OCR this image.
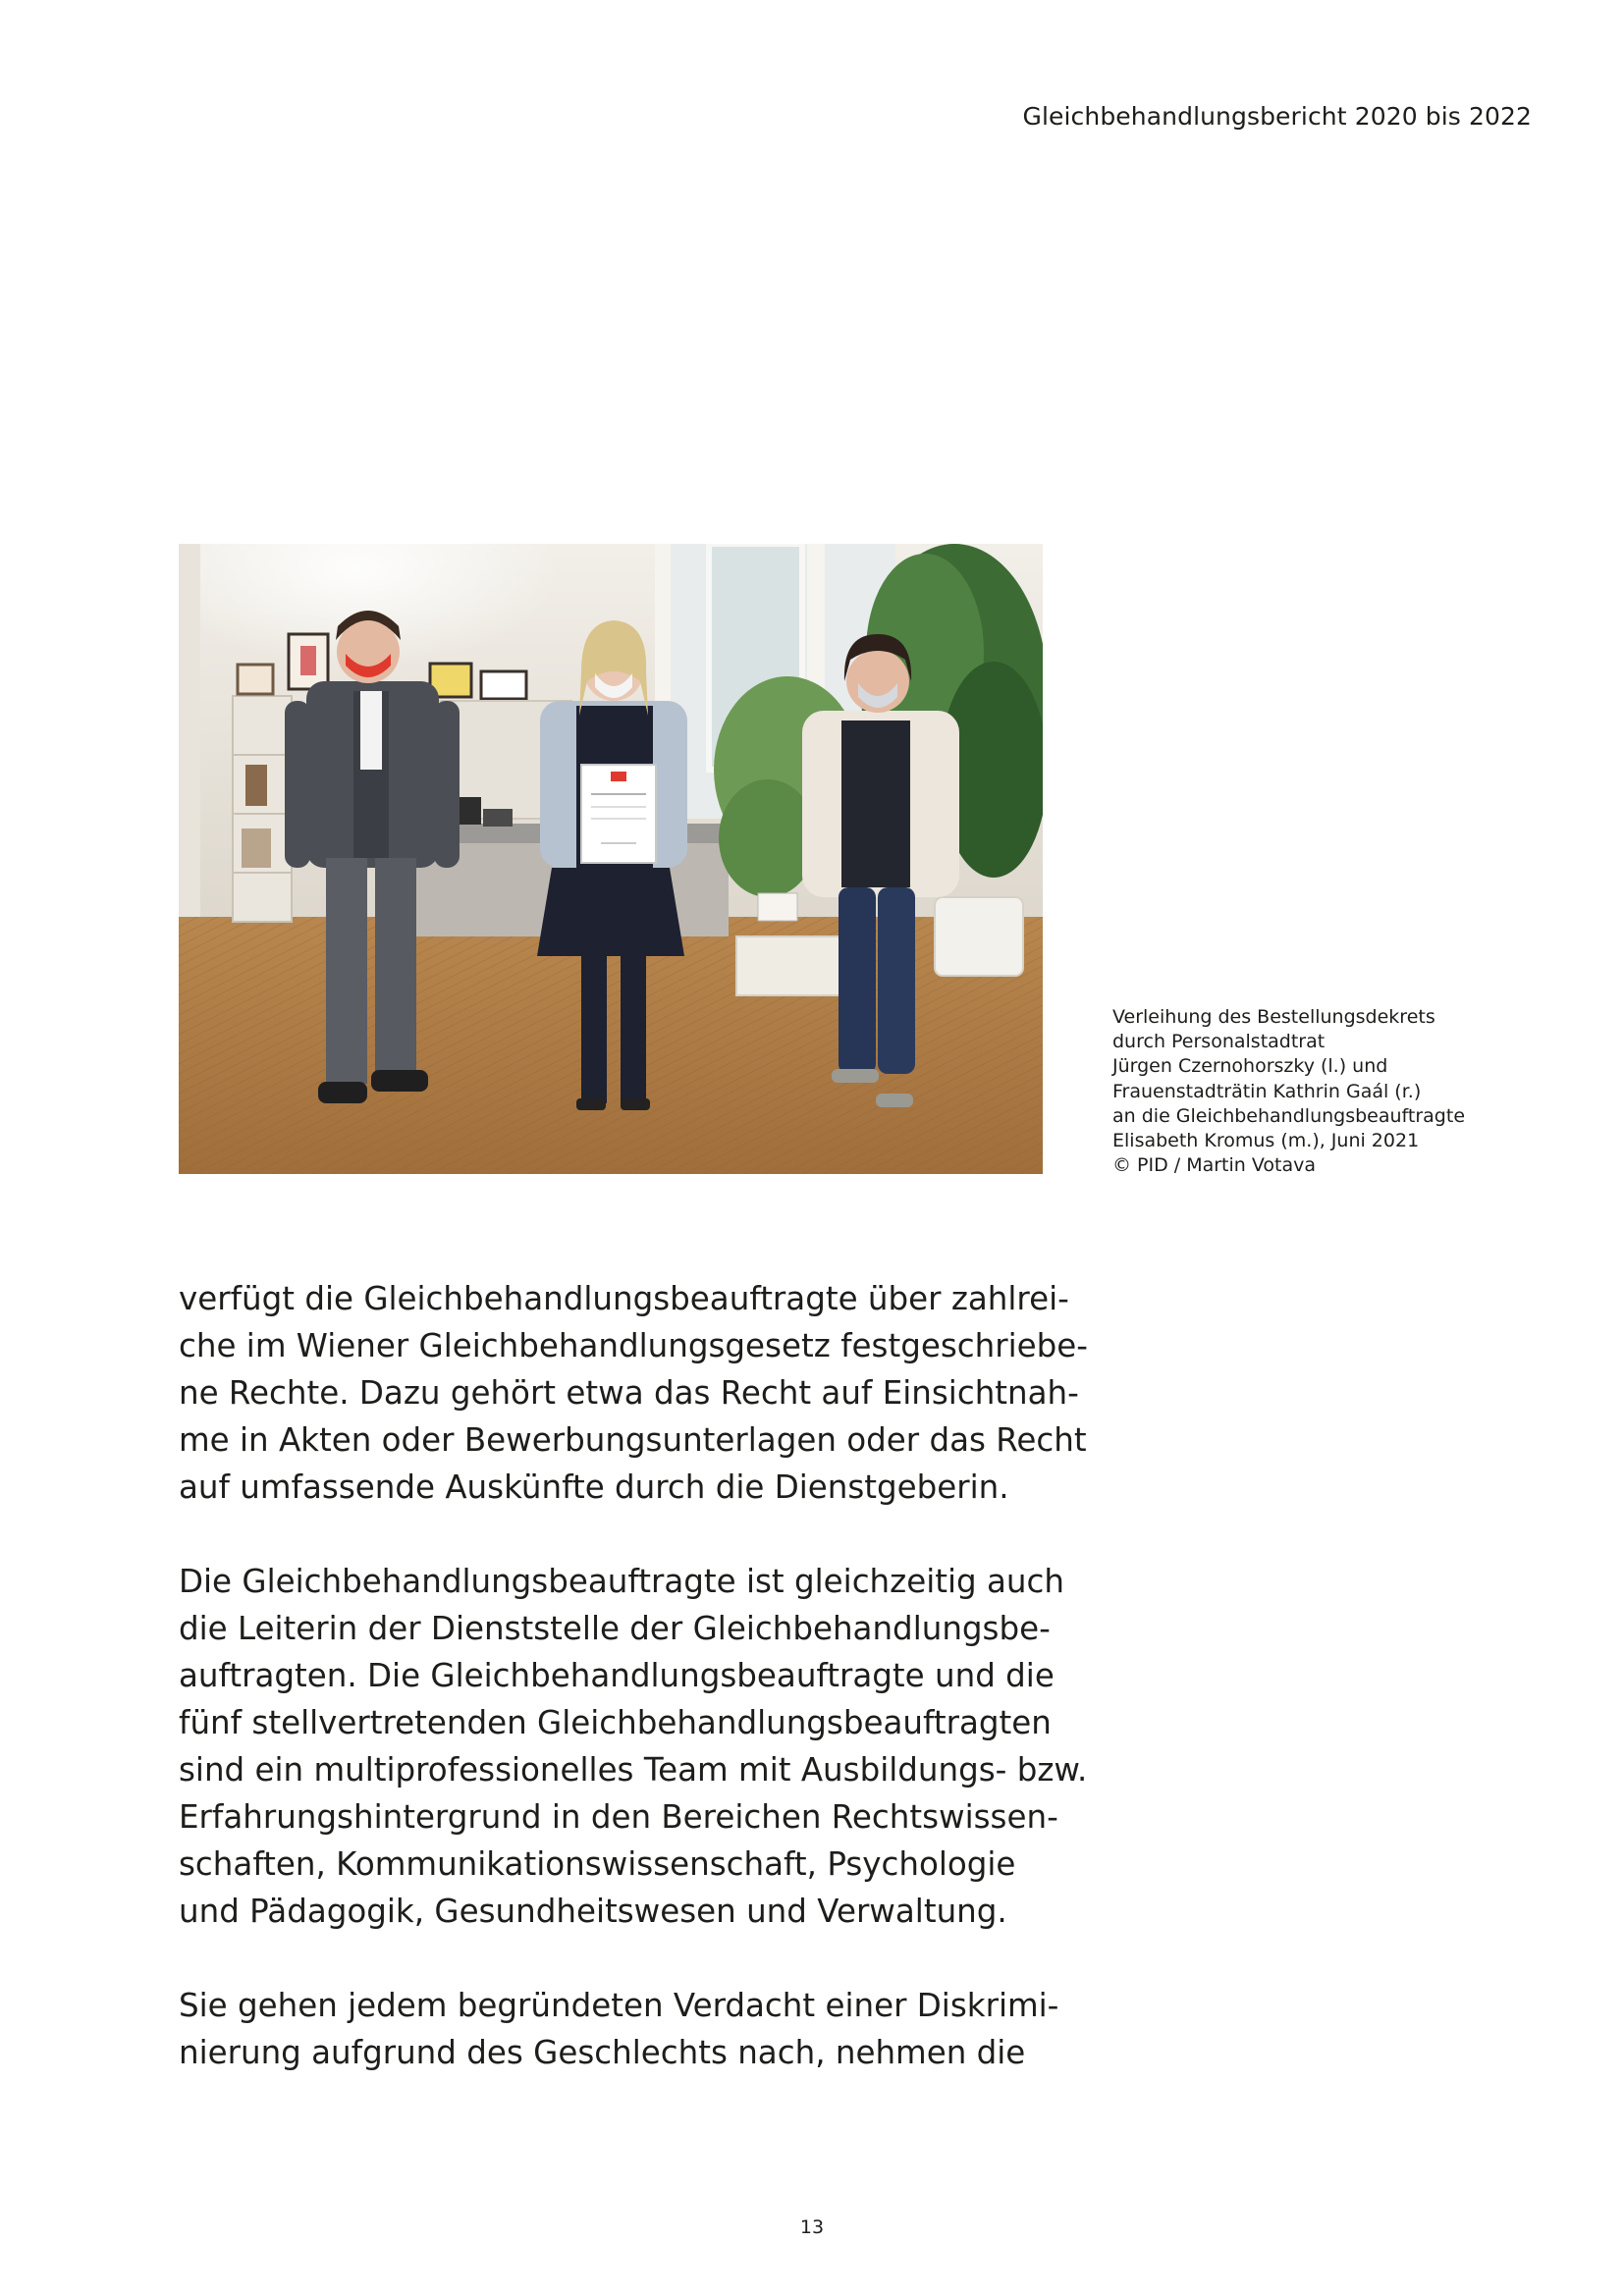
Gleichbehandlungsbericht 2020 bis 2022
Verleihung des Bestellungsdekrets
durch Personalstadtrat
Jürgen Czernohorszky (l.) und
Frauenstadträtin Kathrin Gaál (r.)
an die Gleichbehandlungsbeauftragte
Elisabeth Kromus (m.), Juni 2021
© PID / Martin Votava
verfügt die Gleichbehandlungsbeauftragte über zahlrei-
che im Wiener Gleichbehandlungsgesetz festgeschriebe-
ne Rechte. Dazu gehört etwa das Recht auf Einsichtnah-
me in Akten oder Bewerbungsunterlagen oder das Recht
auf umfassende Auskünfte durch die Dienstgeberin.
Die Gleichbehandlungsbeauftragte ist gleichzeitig auch
die Leiterin der Dienststelle der Gleichbehandlungsbe-
auftragten. Die Gleichbehandlungsbeauftragte und die
fünf stellvertretenden Gleichbehandlungsbeauftragten
sind ein multiprofessionelles Team mit Ausbildungs- bzw.
Erfahrungshintergrund in den Bereichen Rechtswissen-
schaften, Kommunikationswissenschaft, Psychologie
und Pädagogik, Gesundheitswesen und Verwaltung.
Sie gehen jedem begründeten Verdacht einer Diskrimi-
nierung aufgrund des Geschlechts nach, nehmen die
13
